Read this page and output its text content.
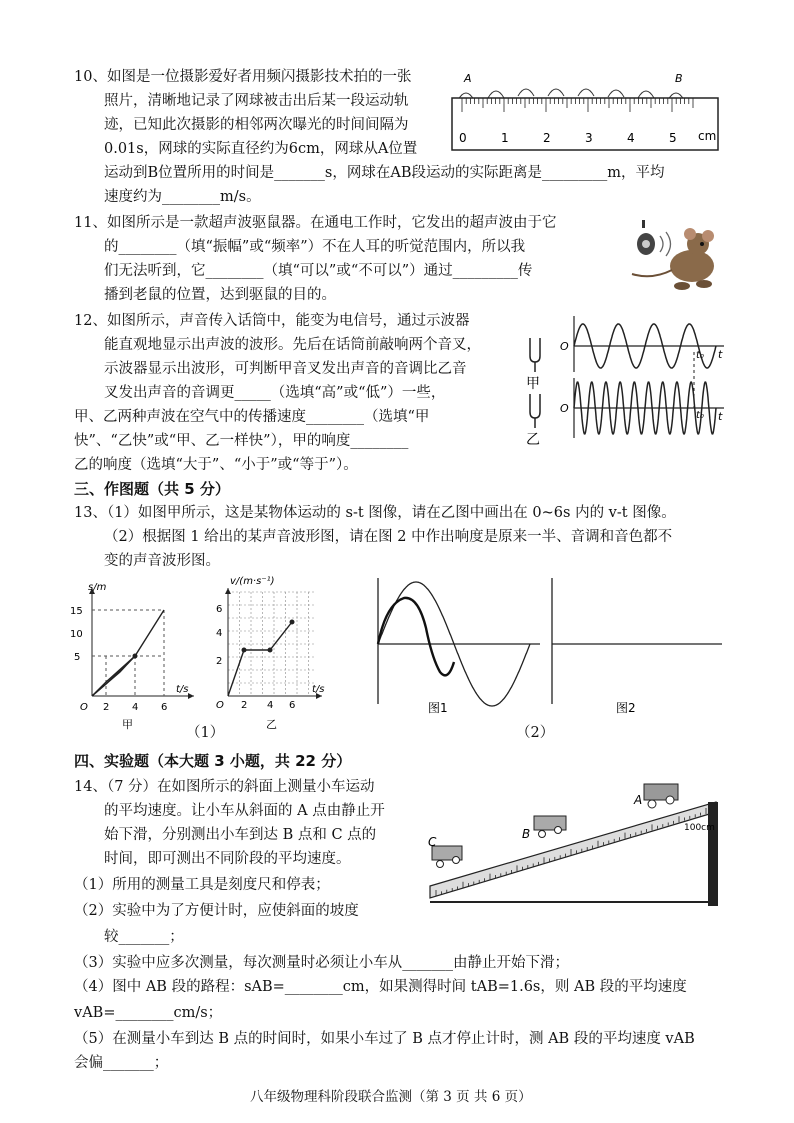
10、如图是一位摄影爱好者用频闪摄影技术拍的一张
照片，清晰地记录了网球被击出后某一段运动轨
迹，已知此次摄影的相邻两次曝光的时间间隔为
0.01s，网球的实际直径约为6cm，网球从A位置
运动到B位置所用的时间是_______s，网球在AB段运动的实际距离是_________m，平均
速度约为________m/s。
A	B
0	1	2	3	4	5 cm
11、如图所示是一款超声波驱鼠器。在通电工作时，它发出的超声波由于它
的________（填“振幅”或“频率”）不在人耳的听觉范围内，所以我
们无法听到，它________（填“可以”或“不可以”）通过_________传
播到老鼠的位置，达到驱鼠的目的。
12、如图所示，声音传入话筒中，能变为电信号，通过示波器
能直观地显示出声波的波形。先后在话筒前敲响两个音叉，
示波器显示出波形，可判断甲音叉发出声音的音调比乙音
叉发出声音的音调更_____（选填“高”或“低”）一些，
甲、乙两种声波在空气中的传播速度________（选填“甲
快”、“乙快”或“甲、乙一样快”），甲的响度________
乙的响度（选填“大于”、“小于”或“等于”）。
甲
乙
O
O
t₀
t₀
t
t
三、作图题（共 5 分）
13、（1）如图甲所示，这是某物体运动的 s-t 图像，请在乙图中画出在 0~6s 内的 v-t 图像。
（2）根据图 1 给出的某声音波形图，请在图 2 中作出响度是原来一半、音调和音色都不
变的声音波形图。
s/m
t/s
5
10
15
O 2 4 6
甲
v/(m·s⁻¹)
t/s
2
4
6
O 2 4 6
乙
图1	图2
（1）	（2）
四、实验题（本大题 3 小题，共 22 分）
14、（7 分）在如图所示的斜面上测量小车运动
的平均速度。让小车从斜面的 A 点由静止开
始下滑，分别测出小车到达 B 点和 C 点的
时间，即可测出不同阶段的平均速度。
（1）所用的测量工具是刻度尺和停表；
（2）实验中为了方便计时，应使斜面的坡度
较_______；
（3）实验中应多次测量，每次测量时必须让小车从_______由静止开始下滑；
（4）图中 AB 段的路程：sAB=________cm，如果测得时间 tAB=1.6s，则 AB 段的平均速度
vAB=________cm/s；
（5）在测量小车到达 B 点的时间时，如果小车过了 B 点才停止计时，测 AB 段的平均速度 vAB
会偏_______；
A
B
C
100cm
八年级物理科阶段联合监测（第 3 页 共 6 页）
